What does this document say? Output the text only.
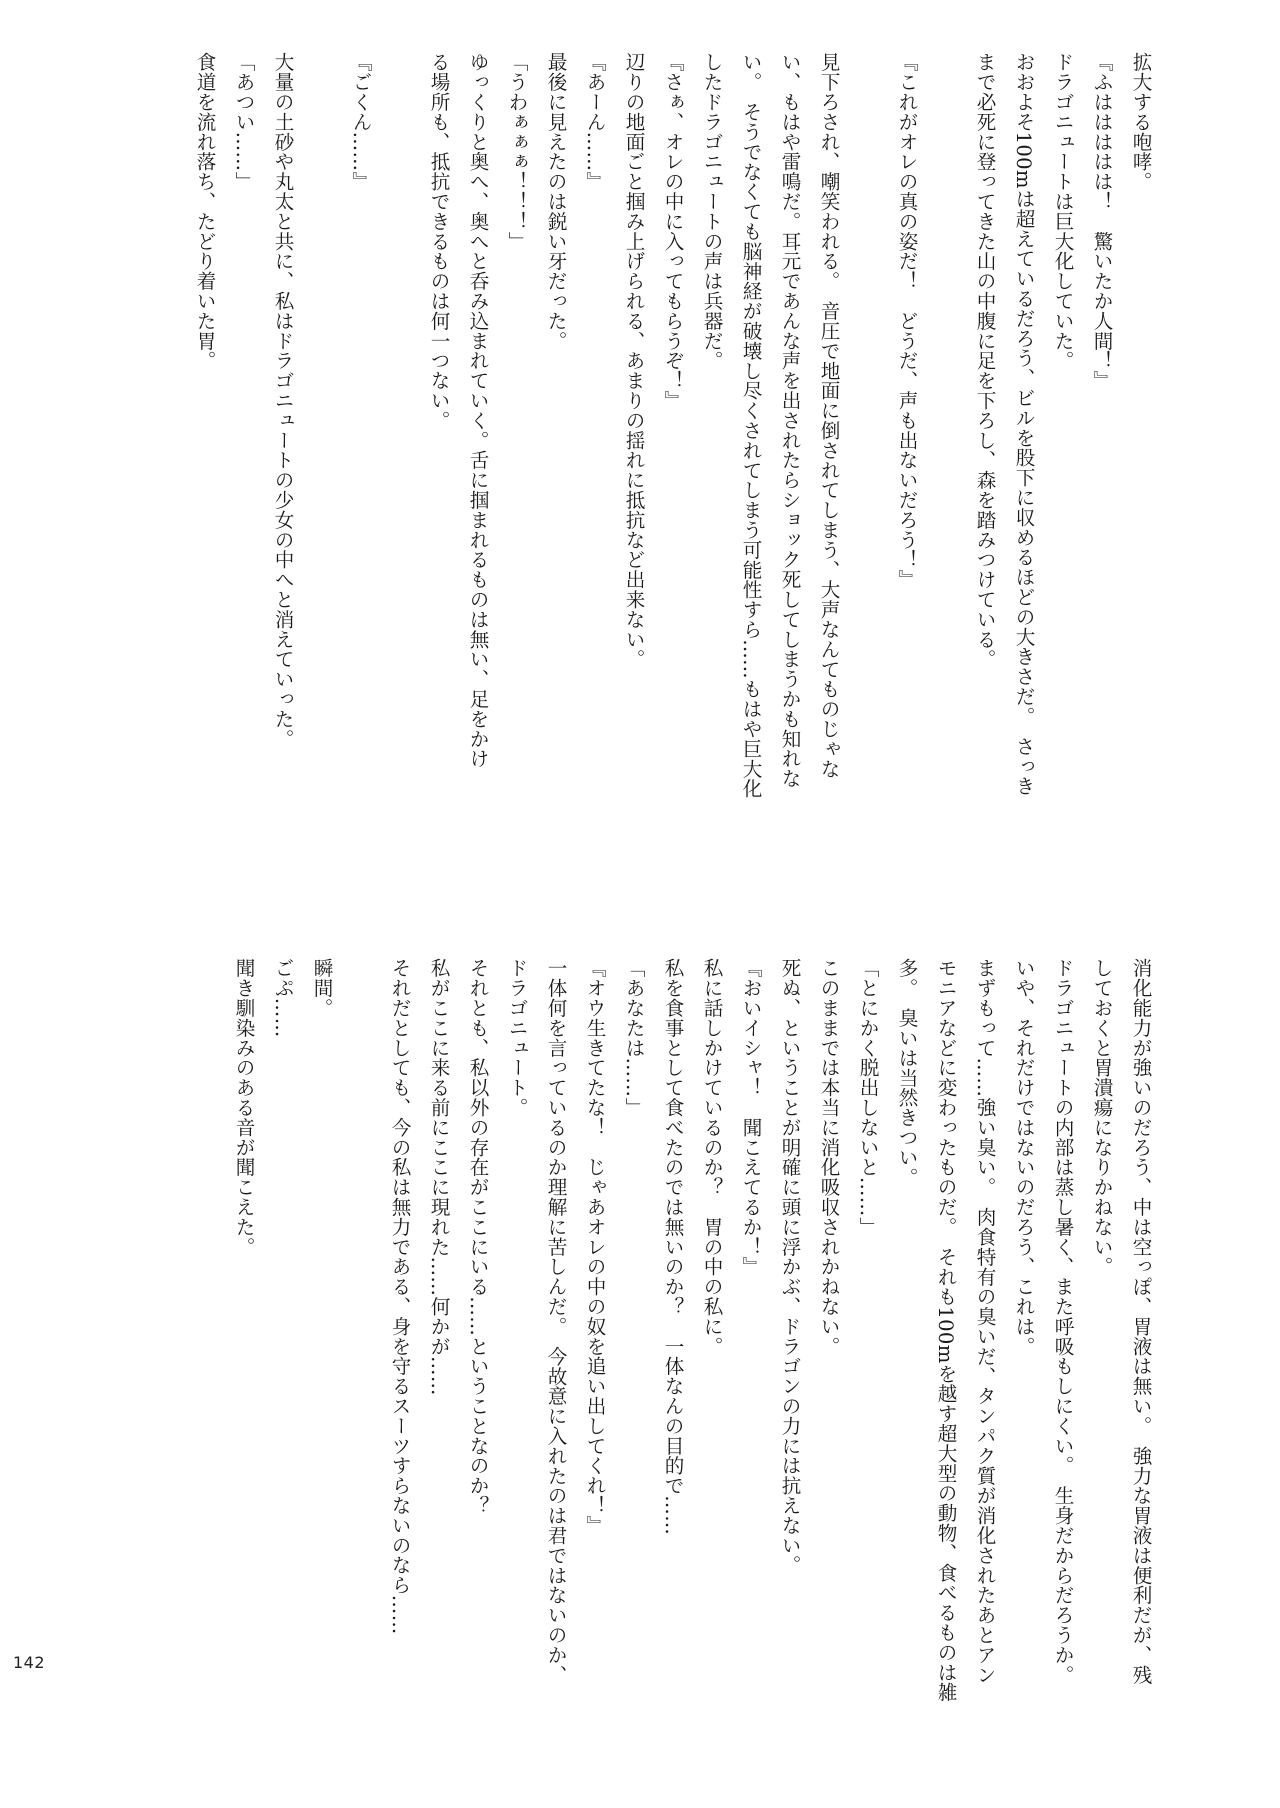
拡大する咆哮。
『ふははははは！　驚いたか人間！』
ドラゴニュートは巨大化していた。
おおよそ100mは超えているだろう、ビルを股下に収めるほどの大きさだ。　さっき
まで必死に登ってきた山の中腹に足を下ろし、森を踏みつけている。
『これがオレの真の姿だ！　どうだ、声も出ないだろう！』
見下ろされ、嘲笑われる。　音圧で地面に倒されてしまう、大声なんてものじゃな
い、もはや雷鳴だ。耳元であんな声を出されたらショック死してしまうかも知れな
い。　そうでなくても脳神経が破壊し尽くされてしまう可能性すら……もはや巨大化
したドラゴニュートの声は兵器だ。
『さぁ、オレの中に入ってもらうぞ！』
辺りの地面ごと掴み上げられる、あまりの揺れに抵抗など出来ない。
『あーん……』
最後に見えたのは鋭い牙だった。
「うわぁぁぁ！！！」
ゆっくりと奥へ、奥へと呑み込まれていく。舌に掴まれるものは無い、足をかけ
る場所も、抵抗できるものは何一つない。
『ごくん……』
大量の土砂や丸太と共に、私はドラゴニュートの少女の中へと消えていった。
「あつい……」
食道を流れ落ち、たどり着いた胃。
消化能力が強いのだろう、中は空っぽ、胃液は無い。　強力な胃液は便利だが、残
しておくと胃潰瘍になりかねない。
ドラゴニュートの内部は蒸し暑く、また呼吸もしにくい。　生身だからだろうか。
いや、それだけではないのだろう、これは。
まずもって……強い臭い。　肉食特有の臭いだ、タンパク質が消化されたあとアン
モニアなどに変わったものだ。　それも100mを越す超大型の動物、食べるものは雑
多。　臭いは当然きつい。
「とにかく脱出しないと……」
このままでは本当に消化吸収されかねない。
死ぬ、ということが明確に頭に浮かぶ、ドラゴンの力には抗えない。
『おいイシャ！　聞こえてるか！』
私に話しかけているのか？　胃の中の私に。
私を食事として食べたのでは無いのか？　一体なんの目的で……
「あなたは……」
『オウ生きてたな！　じゃあオレの中の奴を追い出してくれ！』
一体何を言っているのか理解に苦しんだ。　今故意に入れたのは君ではないのか、
ドラゴニュート。
それとも、私以外の存在がここにいる……ということなのか？
私がここに来る前にここに現れた……何かが……
それだとしても、今の私は無力である、身を守るスーツすらないのなら……
瞬間。
ごぷ……
聞き馴染みのある音が聞こえた。
142
